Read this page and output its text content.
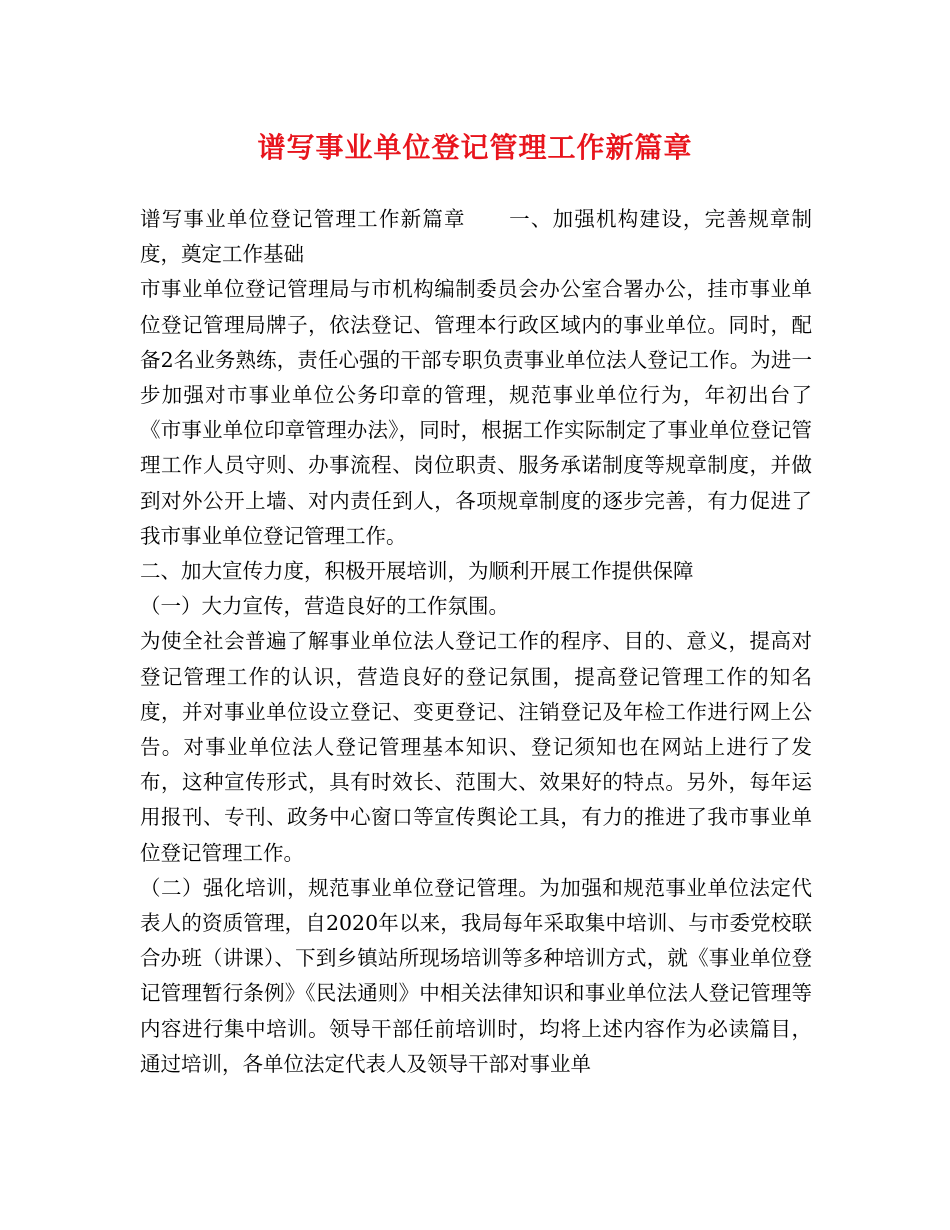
谱写事业单位登记管理工作新篇章

谱写事业单位登记管理工作新篇章　　一、加强机构建设，完善规章制度，奠定工作基础

市事业单位登记管理局与市机构编制委员会办公室合署办公，挂市事业单位登记管理局牌子，依法登记、管理本行政区域内的事业单位。同时，配备2名业务熟练，责任心强的干部专职负责事业单位法人登记工作。为进一步加强对市事业单位公务印章的管理，规范事业单位行为，年初出台了《市事业单位印章管理办法》，同时，根据工作实际制定了事业单位登记管理工作人员守则、办事流程、岗位职责、服务承诺制度等规章制度，并做到对外公开上墙、对内责任到人，各项规章制度的逐步完善，有力促进了我市事业单位登记管理工作。

二、加大宣传力度，积极开展培训，为顺利开展工作提供保障

（一）大力宣传，营造良好的工作氛围。

为使全社会普遍了解事业单位法人登记工作的程序、目的、意义，提高对登记管理工作的认识，营造良好的登记氛围，提高登记管理工作的知名度，并对事业单位设立登记、变更登记、注销登记及年检工作进行网上公告。对事业单位法人登记管理基本知识、登记须知也在网站上进行了发布，这种宣传形式，具有时效长、范围大、效果好的特点。另外，每年运用报刊、专刊、政务中心窗口等宣传舆论工具，有力的推进了我市事业单位登记管理工作。

（二）强化培训，规范事业单位登记管理。为加强和规范事业单位法定代表人的资质管理，自2020年以来，我局每年采取集中培训、与市委党校联合办班（讲课）、下到乡镇站所现场培训等多种培训方式，就《事业单位登记管理暂行条例》《民法通则》中相关法律知识和事业单位法人登记管理等内容进行集中培训。领导干部任前培训时，均将上述内容作为必读篇目，通过培训，各单位法定代表人及领导干部对事业单
